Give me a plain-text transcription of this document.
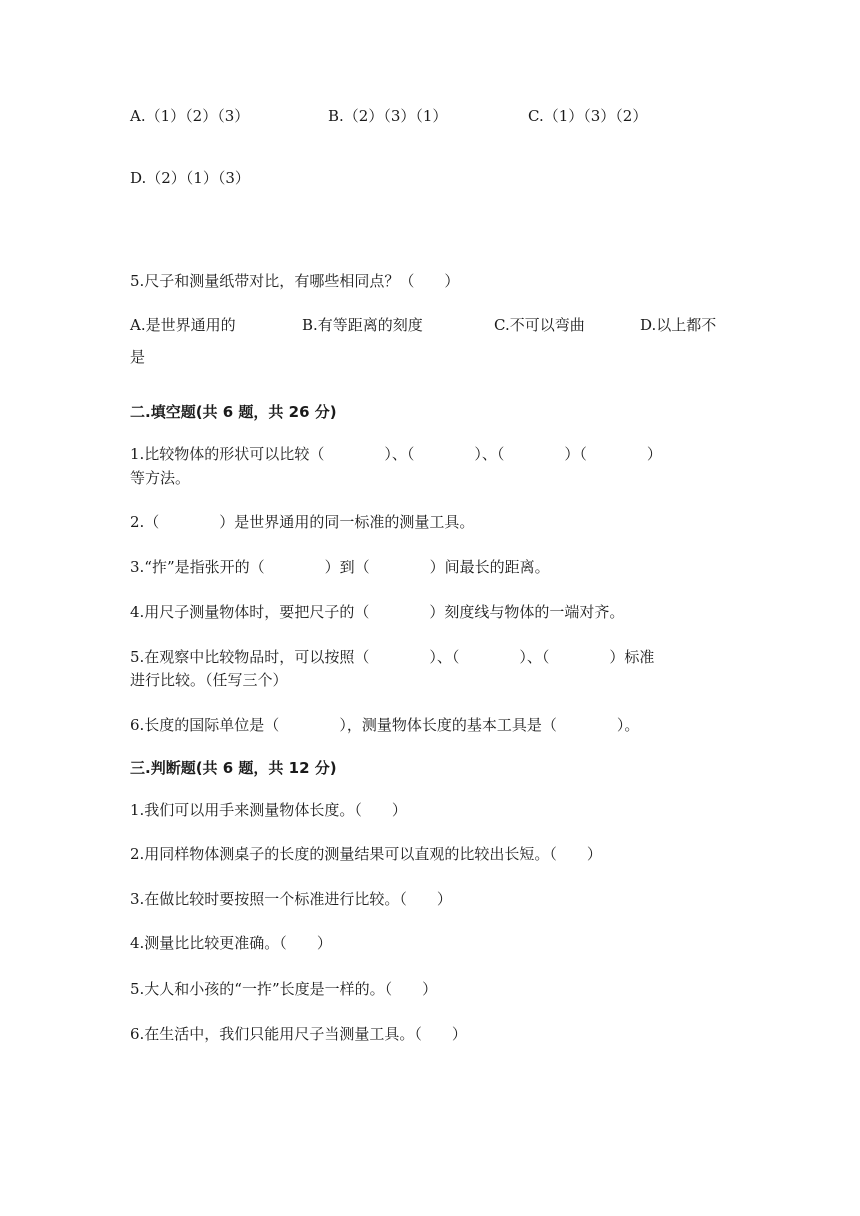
A.（1）（2）（3）	B.（2）（3）（1）	C.（1）（3）（2）
D.（2）（1）（3）
5.尺子和测量纸带对比，有哪些相同点？（　　）
A.是世界通用的	B.有等距离的刻度	C.不可以弯曲	D.以上都不
是
二.填空题(共 6 题，共 26 分)
1.比较物体的形状可以比较（　　　　）、（　　　　）、（　　　　）（　　　　）
等方法。
2.（　　　　）是世界通用的同一标准的测量工具。
3.“拃”是指张开的（　　　　）到（　　　　）间最长的距离。
4.用尺子测量物体时，要把尺子的（　　　　）刻度线与物体的一端对齐。
5.在观察中比较物品时，可以按照（　　　　）、（　　　　）、（　　　　）标准
进行比较。（任写三个）
6.长度的国际单位是（　　　　），测量物体长度的基本工具是（　　　　）。
三.判断题(共 6 题，共 12 分)
1.我们可以用手来测量物体长度。（　　）
2.用同样物体测桌子的长度的测量结果可以直观的比较出长短。（　　）
3.在做比较时要按照一个标准进行比较。（　　）
4.测量比比较更准确。（　　）
5.大人和小孩的“一拃”长度是一样的。（　　）
6.在生活中，我们只能用尺子当测量工具。（　　）
